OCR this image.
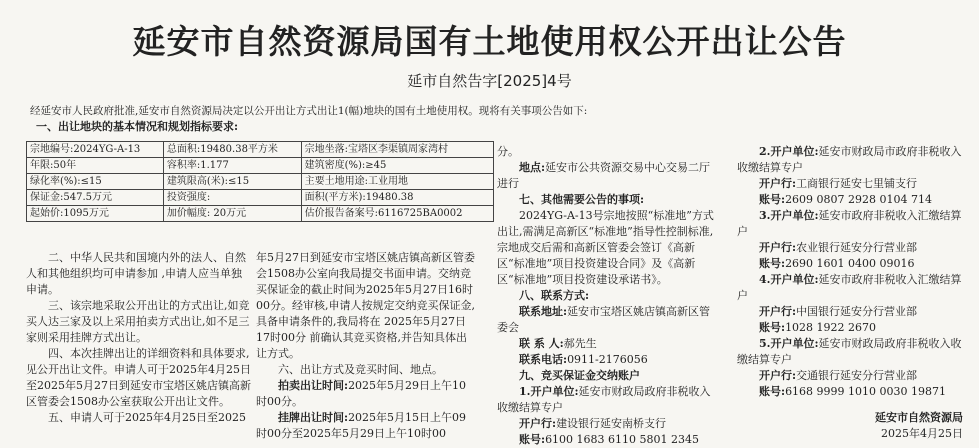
延安市自然资源局国有土地使用权公开出让公告
延市自然告字[2025]4号
经延安市人民政府批准,延安市自然资源局决定以公开出让方式出让1(幅)地块的国有土地使用权。现将有关事项公告如下:
一、出让地块的基本情况和规划指标要求:
宗地编号:2024YG-A-13	总面积:19480.38平方米	宗地坐落:宝塔区李渠镇周家湾村
年限:50年	容积率:1.177	建筑密度(%):≥45
绿化率(%):≤15	建筑限高(米):≤15	主要土地用途:工业用地
保证金:547.5万元	投资强度:	面积(平方米):19480.38
起始价:1095万元	加价幅度: 20万元	估价报告备案号:6116725BA0002

二、中华人民共和国境内外的法人、自然人和其他组织均可申请参加 ,申请人应当单独申请。

三、该宗地采取公开出让的方式出让,如竞买人达三家及以上采用拍卖方式出让,如不足三家则采用挂牌方式出让。

四、本次挂牌出让的详细资料和具体要求,见公开出让文件。申请人可于2025年4月25日至2025年5月27日到延安市宝塔区姚店镇高新区管委会1508办公室获取公开出让文件。

五、申请人可于2025年4月25日至2025

年5月27日到延安市宝塔区姚店镇高新区管委会1508办公室向我局提交书面申请。交纳竞买保证金的截止时间为2025年5月27日16时00分。经审核,申请人按规定交纳竞买保证金,具备申请条件的,我局将在 2025年5月27日17时00分 前确认其竞买资格,并告知具体出让方式。

六、出让方式及竞买时间、地点。

拍卖出让时间:2025年5月29日上午10时00分。

挂牌出让时间:2025年5月15日上午09时00分至2025年5月29日上午10时00

分。

地点:延安市公共资源交易中心交易二厅进行

七、其他需要公告的事项:

2024YG-A-13号宗地按照“标准地”方式出让,需满足高新区“标准地”指导性控制标准,宗地成交后需和高新区管委会签订《高新区“标准地”项目投资建设合同》及《高新区“标准地”项目投资建设承诺书》。

八、联系方式:

联系地址:延安市宝塔区姚店镇高新区管委会

联 系 人:郝先生

联系电话:0911-2176056

九、竞买保证金交纳账户

1.开户单位:延安市财政局政府非税收入收缴结算专户

开户行:建设银行延安南桥支行

账号:6100 1683 6110 5801 2345

2.开户单位:延安市财政局市政府非税收入收缴结算专户

开户行:工商银行延安七里铺支行

账号:2609 0807 2928 0104 714

3.开户单位:延安市政府非税收入汇缴结算户

开户行:农业银行延安分行营业部

账号:2690 1601 0400 09016

4.开户单位:延安市政府非税收入汇缴结算户

开户行:中国银行延安分行营业部

账号:1028 1922 2670

5.开户单位:延安市财政局政府非税收入收缴结算专户

开户行:交通银行延安分行营业部

账号:6168 9999 1010 0030 19871

延安市自然资源局

2025年4月25日
